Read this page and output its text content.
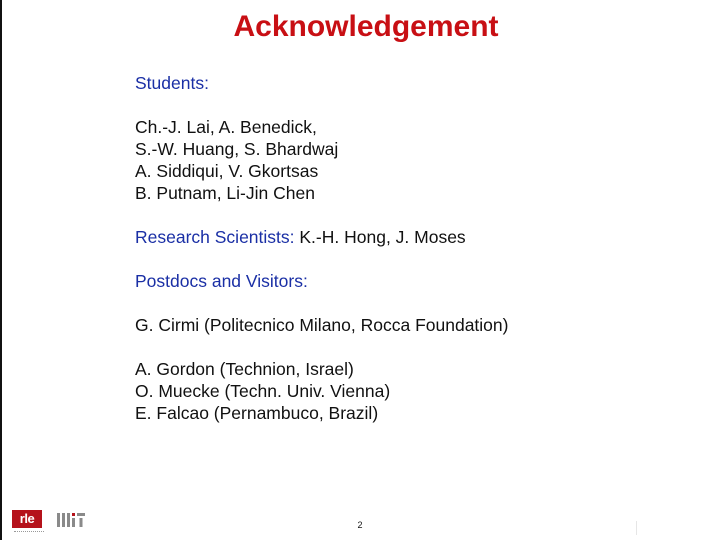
Acknowledgement
Students:
Ch.-J. Lai, A. Benedick,
S.-W. Huang, S. Bhardwaj
A. Siddiqui, V. Gkortsas
B. Putnam, Li-Jin Chen
Research Scientists: K.-H. Hong, J. Moses
Postdocs and Visitors:
G. Cirmi (Politecnico Milano, Rocca Foundation)
A. Gordon (Technion, Israel)
O. Muecke (Techn. Univ. Vienna)
E. Falcao (Pernambuco, Brazil)
rle	2
